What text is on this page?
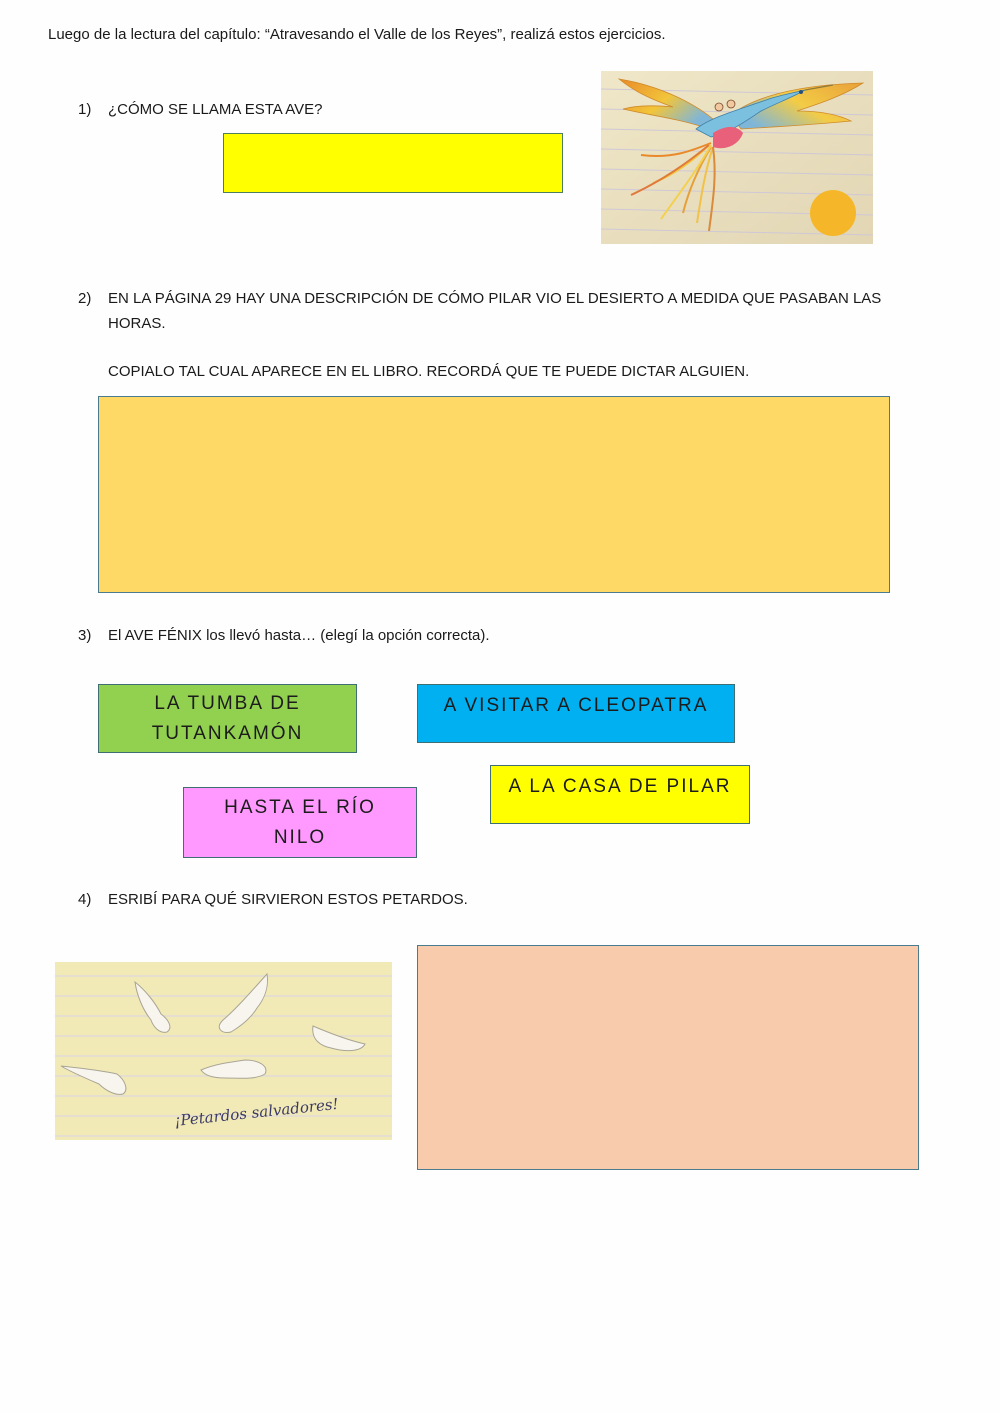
Luego de la lectura del capítulo: “Atravesando el Valle de los Reyes”, realizá estos ejercicios.
1)	¿CÓMO SE LLAMA ESTA AVE?
2)	EN LA PÁGINA 29 HAY UNA DESCRIPCIÓN DE CÓMO PILAR VIO EL DESIERTO A MEDIDA QUE PASABAN LAS
HORAS.
COPIALO TAL CUAL APARECE EN EL LIBRO. RECORDÁ QUE TE PUEDE DICTAR ALGUIEN.
3)	El AVE FÉNIX los llevó hasta… (elegí la opción correcta).
LA TUMBA DE
TUTANKAMÓN
A VISITAR A CLEOPATRA
A LA CASA DE PILAR
HASTA EL RÍO
NILO
4)	ESRIBÍ PARA QUÉ SIRVIERON ESTOS PETARDOS.
¡Petardos salvadores!
